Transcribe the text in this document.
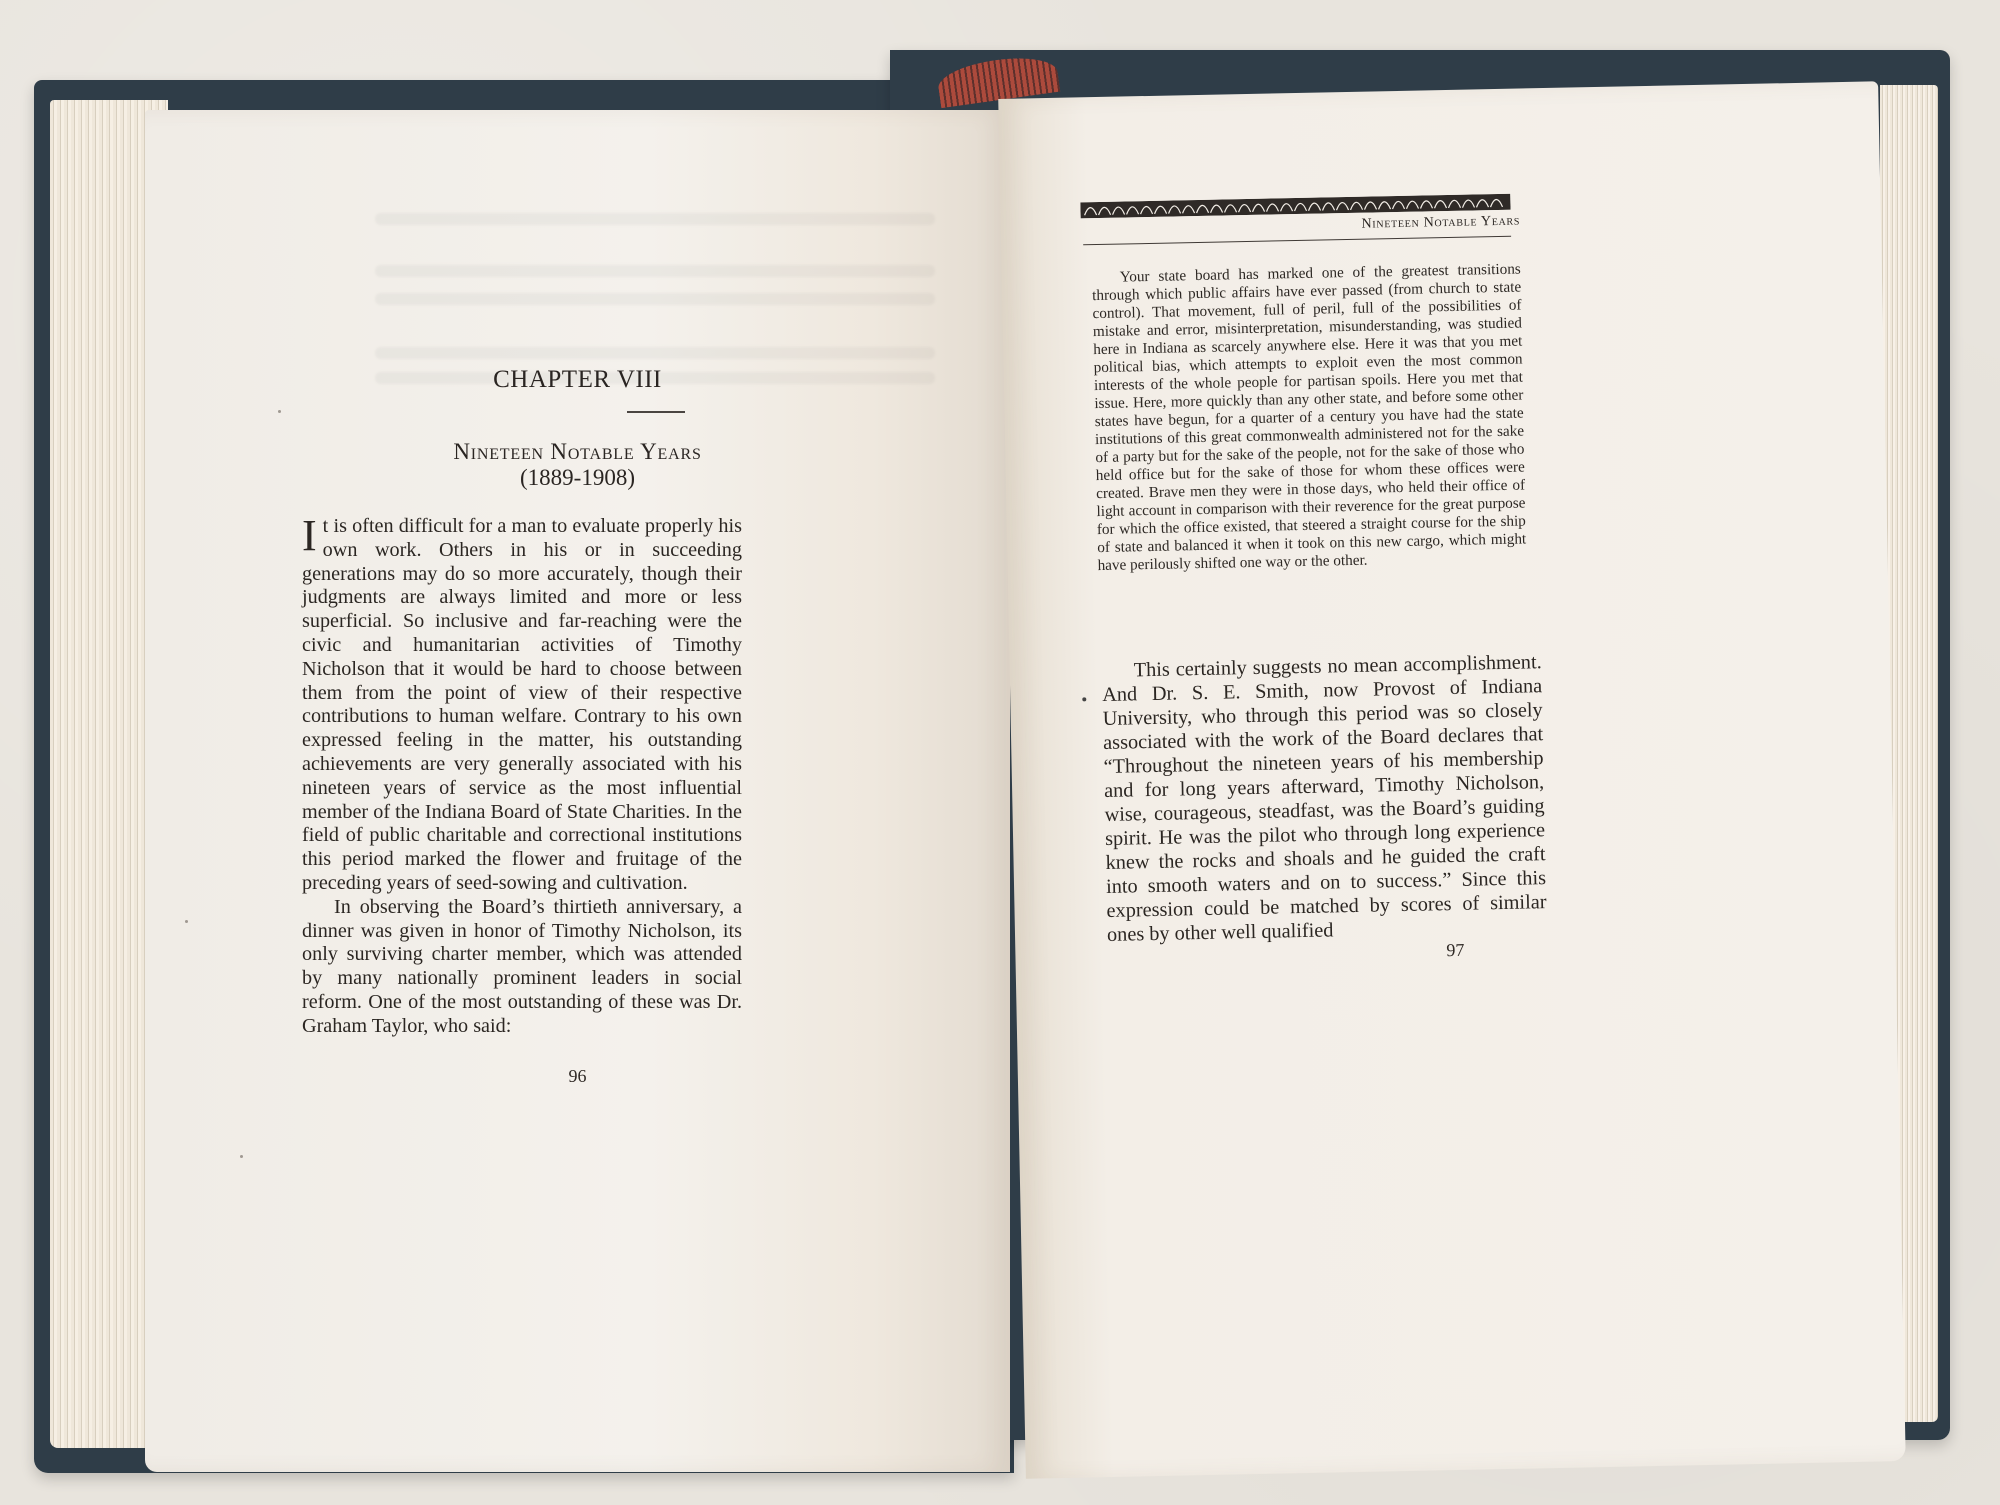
CHAPTER VIII
Nineteen Notable Years
(1889-1908)

I t is often difficult for a man to evaluate properly his own work. Others in his or in succeeding generations may do so more accurately, though their judgments are always limited and more or less superficial. So inclusive and far-reaching were the civic and humanitarian activities of Timothy Nicholson that it would be hard to choose between them from the point of view of their respective contributions to human welfare. Contrary to his own expressed feeling in the matter, his outstanding achievements are very generally associated with his nineteen years of service as the most influential member of the Indiana Board of State Charities. In the field of public charitable and correctional institutions this period marked the flower and fruitage of the preceding years of seed-sowing and cultivation.

In observing the Board’s thirtieth anniversary, a dinner was given in honor of Timothy Nicholson, its only surviving charter member, which was attended by many nationally prominent leaders in social reform. One of the most outstanding of these was Dr. Graham Taylor, who said:

96
Nineteen Notable Years

Your state board has marked one of the greatest transitions through which public affairs have ever passed (from church to state control). That movement, full of peril, full of the possibilities of mistake and error, misinterpretation, misunderstanding, was studied here in Indiana as scarcely anywhere else. Here it was that you met political bias, which attempts to exploit even the most common interests of the whole people for partisan spoils. Here you met that issue. Here, more quickly than any other state, and before some other states have begun, for a quarter of a century you have had the state institutions of this great commonwealth administered not for the sake of a party but for the sake of the people, not for the sake of those who held office but for the sake of those for whom these offices were created. Brave men they were in those days, who held their office of light account in comparison with their reverence for the great purpose for which the office existed, that steered a straight course for the ship of state and balanced it when it took on this new cargo, which might have perilously shifted one way or the other.

This certainly suggests no mean accomplishment. And Dr. S. E. Smith, now Provost of Indiana University, who through this period was so closely associated with the work of the Board declares that “Throughout the nineteen years of his membership and for long years afterward, Timothy Nicholson, wise, courageous, steadfast, was the Board’s guiding spirit. He was the pilot who through long experience knew the rocks and shoals and he guided the craft into smooth waters and on to success.” Since this expression could be matched by scores of similar ones by other well qualified

97
